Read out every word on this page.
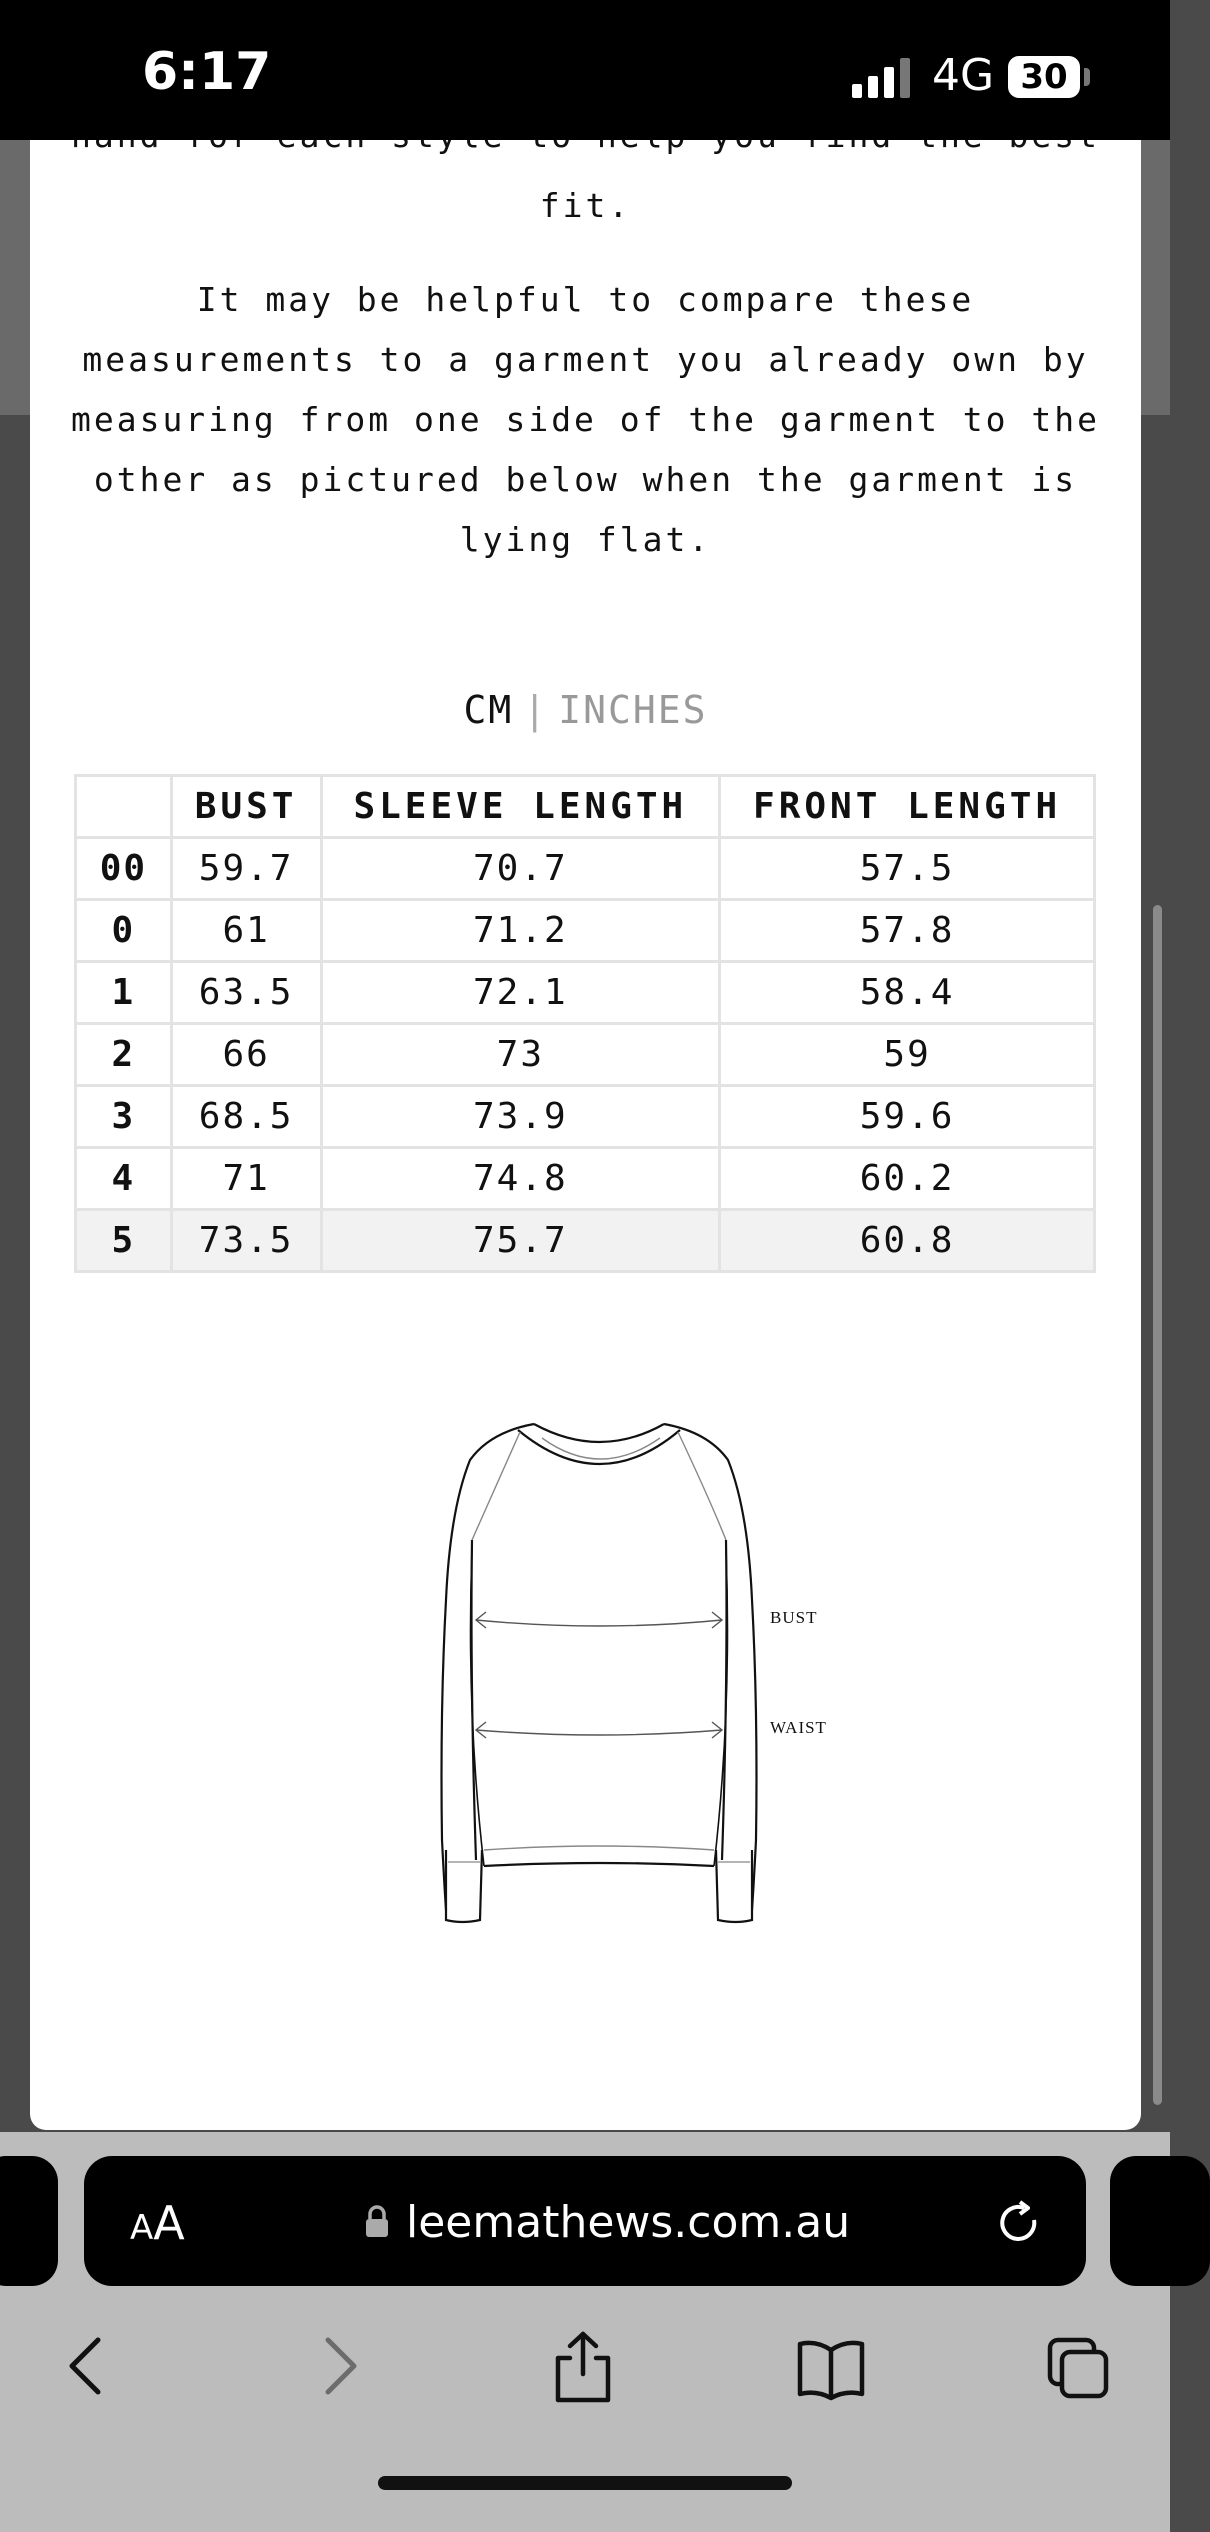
6:17	4G 30

fit.

It may be helpful to compare these measurements to a garment you already own by measuring from one side of the garment to the other as pictured below when the garment is lying flat.

CM | INCHES
	BUST	SLEEVE LENGTH	FRONT LENGTH
00	59.7	70.7	57.5
0	61	71.2	57.8
1	63.5	72.1	58.4
2	66	73	59
3	68.5	73.9	59.6
4	71	74.8	60.2
5	73.5	75.7	60.8
BUST
WAIST
AA	leemathews.com.au
